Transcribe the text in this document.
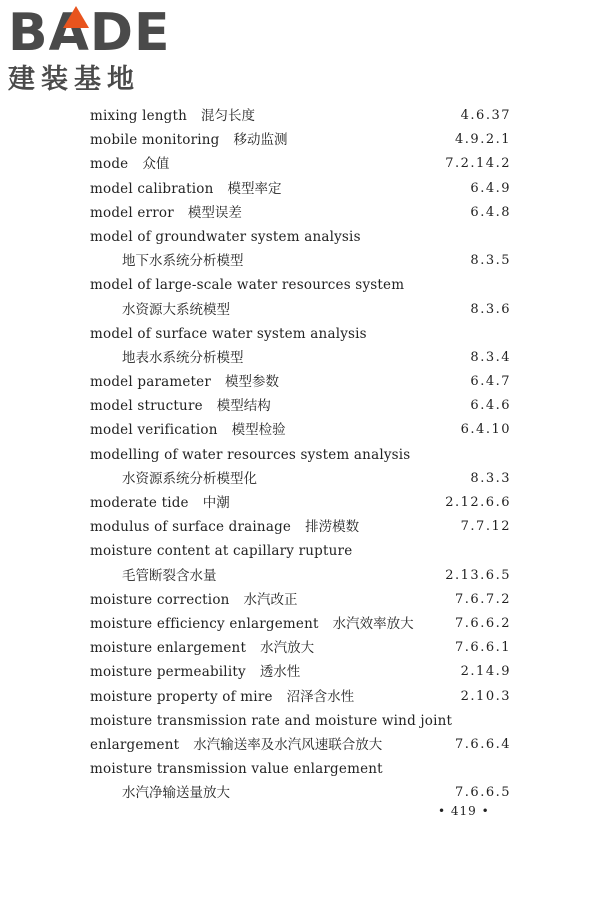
BADE
建装基地
mixing length 混匀长度	4.6.37
mobile monitoring 移动监测	4.9.2.1
mode 众值	7.2.14.2
model calibration 模型率定	6.4.9
model error 模型误差	6.4.8
model of groundwater system analysis
地下水系统分析模型	8.3.5
model of large-scale water resources system
水资源大系统模型	8.3.6
model of surface water system analysis
地表水系统分析模型	8.3.4
model parameter 模型参数	6.4.7
model structure 模型结构	6.4.6
model verification 模型检验	6.4.10
modelling of water resources system analysis
水资源系统分析模型化	8.3.3
moderate tide 中潮	2.12.6.6
modulus of surface drainage 排涝模数	7.7.12
moisture content at capillary rupture
毛管断裂含水量	2.13.6.5
moisture correction 水汽改正	7.6.7.2
moisture efficiency enlargement 水汽效率放大	7.6.6.2
moisture enlargement 水汽放大	7.6.6.1
moisture permeability 透水性	2.14.9
moisture property of mire 沼泽含水性	2.10.3
moisture transmission rate and moisture wind joint
enlargement 水汽输送率及水汽风速联合放大	7.6.6.4
moisture transmission value enlargement
水汽净输送量放大	7.6.6.5
• 419 •
